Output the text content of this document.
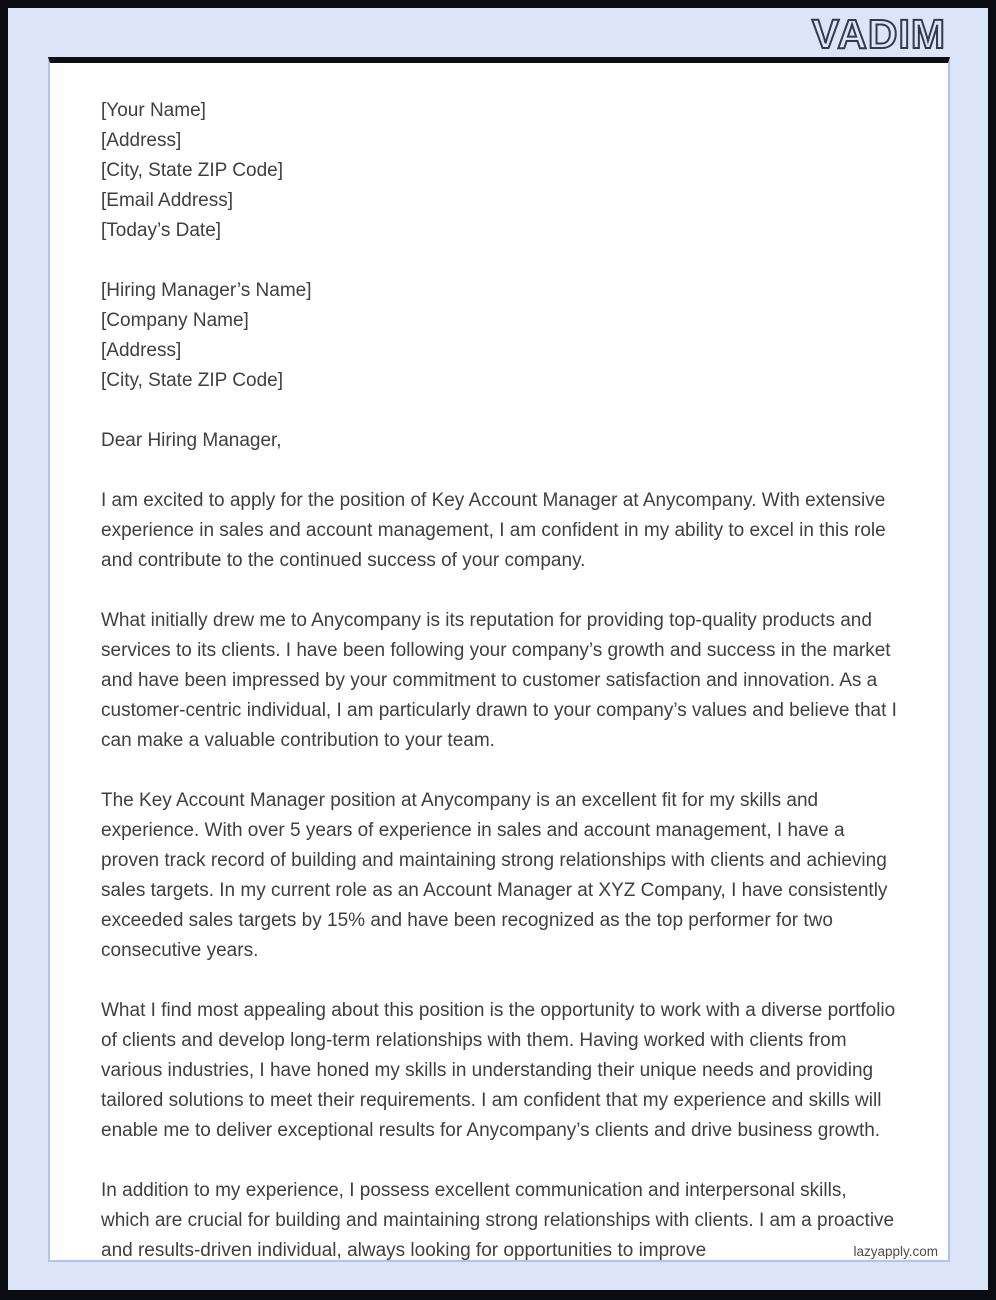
VADIM
[Your Name]
[Address]
[City, State ZIP Code]
[Email Address]
[Today’s Date]
[Hiring Manager’s Name]
[Company Name]
[Address]
[City, State ZIP Code]
Dear Hiring Manager,

I am excited to apply for the position of Key Account Manager at Anycompany. With extensive experience in sales and account management, I am confident in my ability to excel in this role and contribute to the continued success of your company.

What initially drew me to Anycompany is its reputation for providing top-quality products and services to its clients. I have been following your company’s growth and success in the market and have been impressed by your commitment to customer satisfaction and innovation. As a customer-centric individual, I am particularly drawn to your company’s values and believe that I can make a valuable contribution to your team.

The Key Account Manager position at Anycompany is an excellent fit for my skills and experience. With over 5 years of experience in sales and account management, I have a proven track record of building and maintaining strong relationships with clients and achieving sales targets. In my current role as an Account Manager at XYZ Company, I have consistently exceeded sales targets by 15% and have been recognized as the top performer for two consecutive years.

What I find most appealing about this position is the opportunity to work with a diverse portfolio of clients and develop long-term relationships with them. Having worked with clients from various industries, I have honed my skills in understanding their unique needs and providing tailored solutions to meet their requirements. I am confident that my experience and skills will enable me to deliver exceptional results for Anycompany’s clients and drive business growth.

In addition to my experience, I possess excellent communication and interpersonal skills, which are crucial for building and maintaining strong relationships with clients. I am a proactive and results-driven individual, always looking for opportunities to improve	lazyapply.com
